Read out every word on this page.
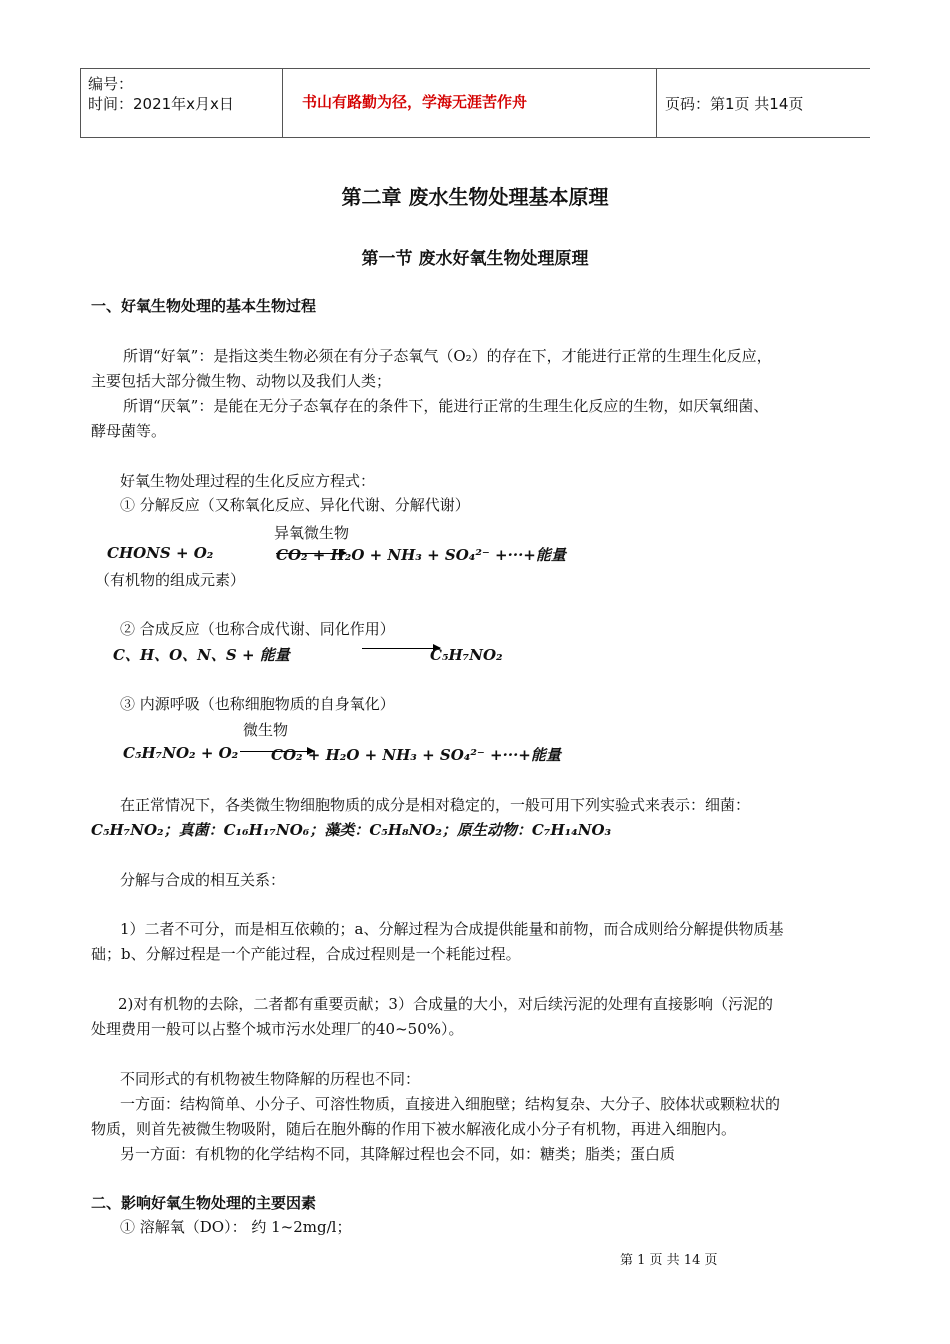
编号：
时间：2021年x月x日	书山有路勤为径，学海无涯苦作舟	页码：第1页 共14页
第二章 废水生物处理基本原理
第一节 废水好氧生物处理原理
一、好氧生物处理的基本生物过程
所谓“好氧”：是指这类生物必须在有分子态氧气（O₂）的存在下，才能进行正常的生理生化反应，
主要包括大部分微生物、动物以及我们人类；
所谓“厌氧”：是能在无分子态氧存在的条件下，能进行正常的生理生化反应的生物，如厌氧细菌、
酵母菌等。
好氧生物处理过程的生化反应方程式：
① 分解反应（又称氧化反应、异化代谢、分解代谢）
异氧微生物
CHONS + O₂	CO₂ + H₂O + NH₃ + SO₄²⁻ +···+能量
（有机物的组成元素）
② 合成反应（也称合成代谢、同化作用）
C、H、O、N、S + 能量	C₅H₇NO₂
③ 内源呼吸（也称细胞物质的自身氧化）
微生物
C₅H₇NO₂ + O₂ CO₂ + H₂O + NH₃ + SO₄²⁻ +···+能量
在正常情况下，各类微生物细胞物质的成分是相对稳定的，一般可用下列实验式来表示：细菌：
C₅H₇NO₂；真菌：C₁₆H₁₇NO₆；藻类：C₅H₈NO₂；原生动物：C₇H₁₄NO₃
分解与合成的相互关系：
1）二者不可分，而是相互依赖的；a、分解过程为合成提供能量和前物，而合成则给分解提供物质基
础；b、分解过程是一个产能过程，合成过程则是一个耗能过程。
2)对有机物的去除，二者都有重要贡献；3）合成量的大小，对后续污泥的处理有直接影响（污泥的
处理费用一般可以占整个城市污水处理厂的40~50%）。
不同形式的有机物被生物降解的历程也不同：
一方面：结构简单、小分子、可溶性物质，直接进入细胞壁；结构复杂、大分子、胶体状或颗粒状的
物质，则首先被微生物吸附，随后在胞外酶的作用下被水解液化成小分子有机物，再进入细胞内。
另一方面：有机物的化学结构不同，其降解过程也会不同，如：糖类；脂类；蛋白质
二、影响好氧生物处理的主要因素
① 溶解氧（DO）： 约 1~2mg/l；
第 1 页 共 14 页
